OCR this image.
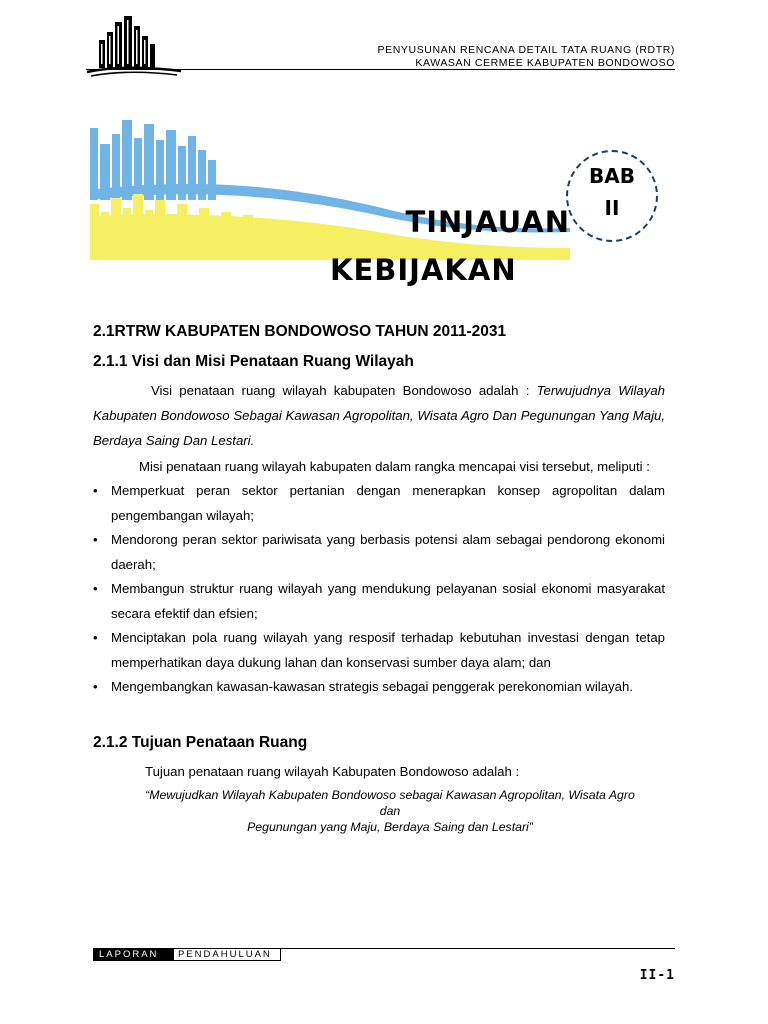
PENYUSUNAN RENCANA DETAIL TATA RUANG (RDTR)
KAWASAN CERMEE KABUPATEN BONDOWOSO
TINJAUAN
KEBIJAKAN
BAB
II
2.1RTRW KABUPATEN BONDOWOSO TAHUN 2011-2031
2.1.1 Visi dan Misi Penataan Ruang Wilayah
Visi penataan ruang wilayah kabupaten Bondowoso adalah : Terwujudnya Wilayah Kabupaten Bondowoso Sebagai Kawasan Agropolitan, Wisata Agro Dan Pegunungan Yang Maju, Berdaya Saing Dan Lestari.
Misi penataan ruang wilayah kabupaten dalam rangka mencapai visi tersebut, meliputi :
• Memperkuat peran sektor pertanian dengan menerapkan konsep agropolitan dalam pengembangan wilayah;
• Mendorong peran sektor pariwisata yang berbasis potensi alam sebagai pendorong ekonomi daerah;
• Membangun struktur ruang wilayah yang mendukung pelayanan sosial ekonomi masyarakat secara efektif dan efsien;
• Menciptakan pola ruang wilayah yang resposif terhadap kebutuhan investasi dengan tetap memperhatikan daya dukung lahan dan konservasi sumber daya alam; dan
• Mengembangkan kawasan-kawasan strategis sebagai penggerak perekonomian wilayah.
2.1.2 Tujuan Penataan Ruang
Tujuan penataan ruang wilayah Kabupaten Bondowoso adalah :
“Mewujudkan Wilayah Kabupaten Bondowoso sebagai Kawasan Agropolitan, Wisata Agro dan
Pegunungan yang Maju, Berdaya Saing dan Lestari”
LAPORAN	PENDAHULUAN
II-1
